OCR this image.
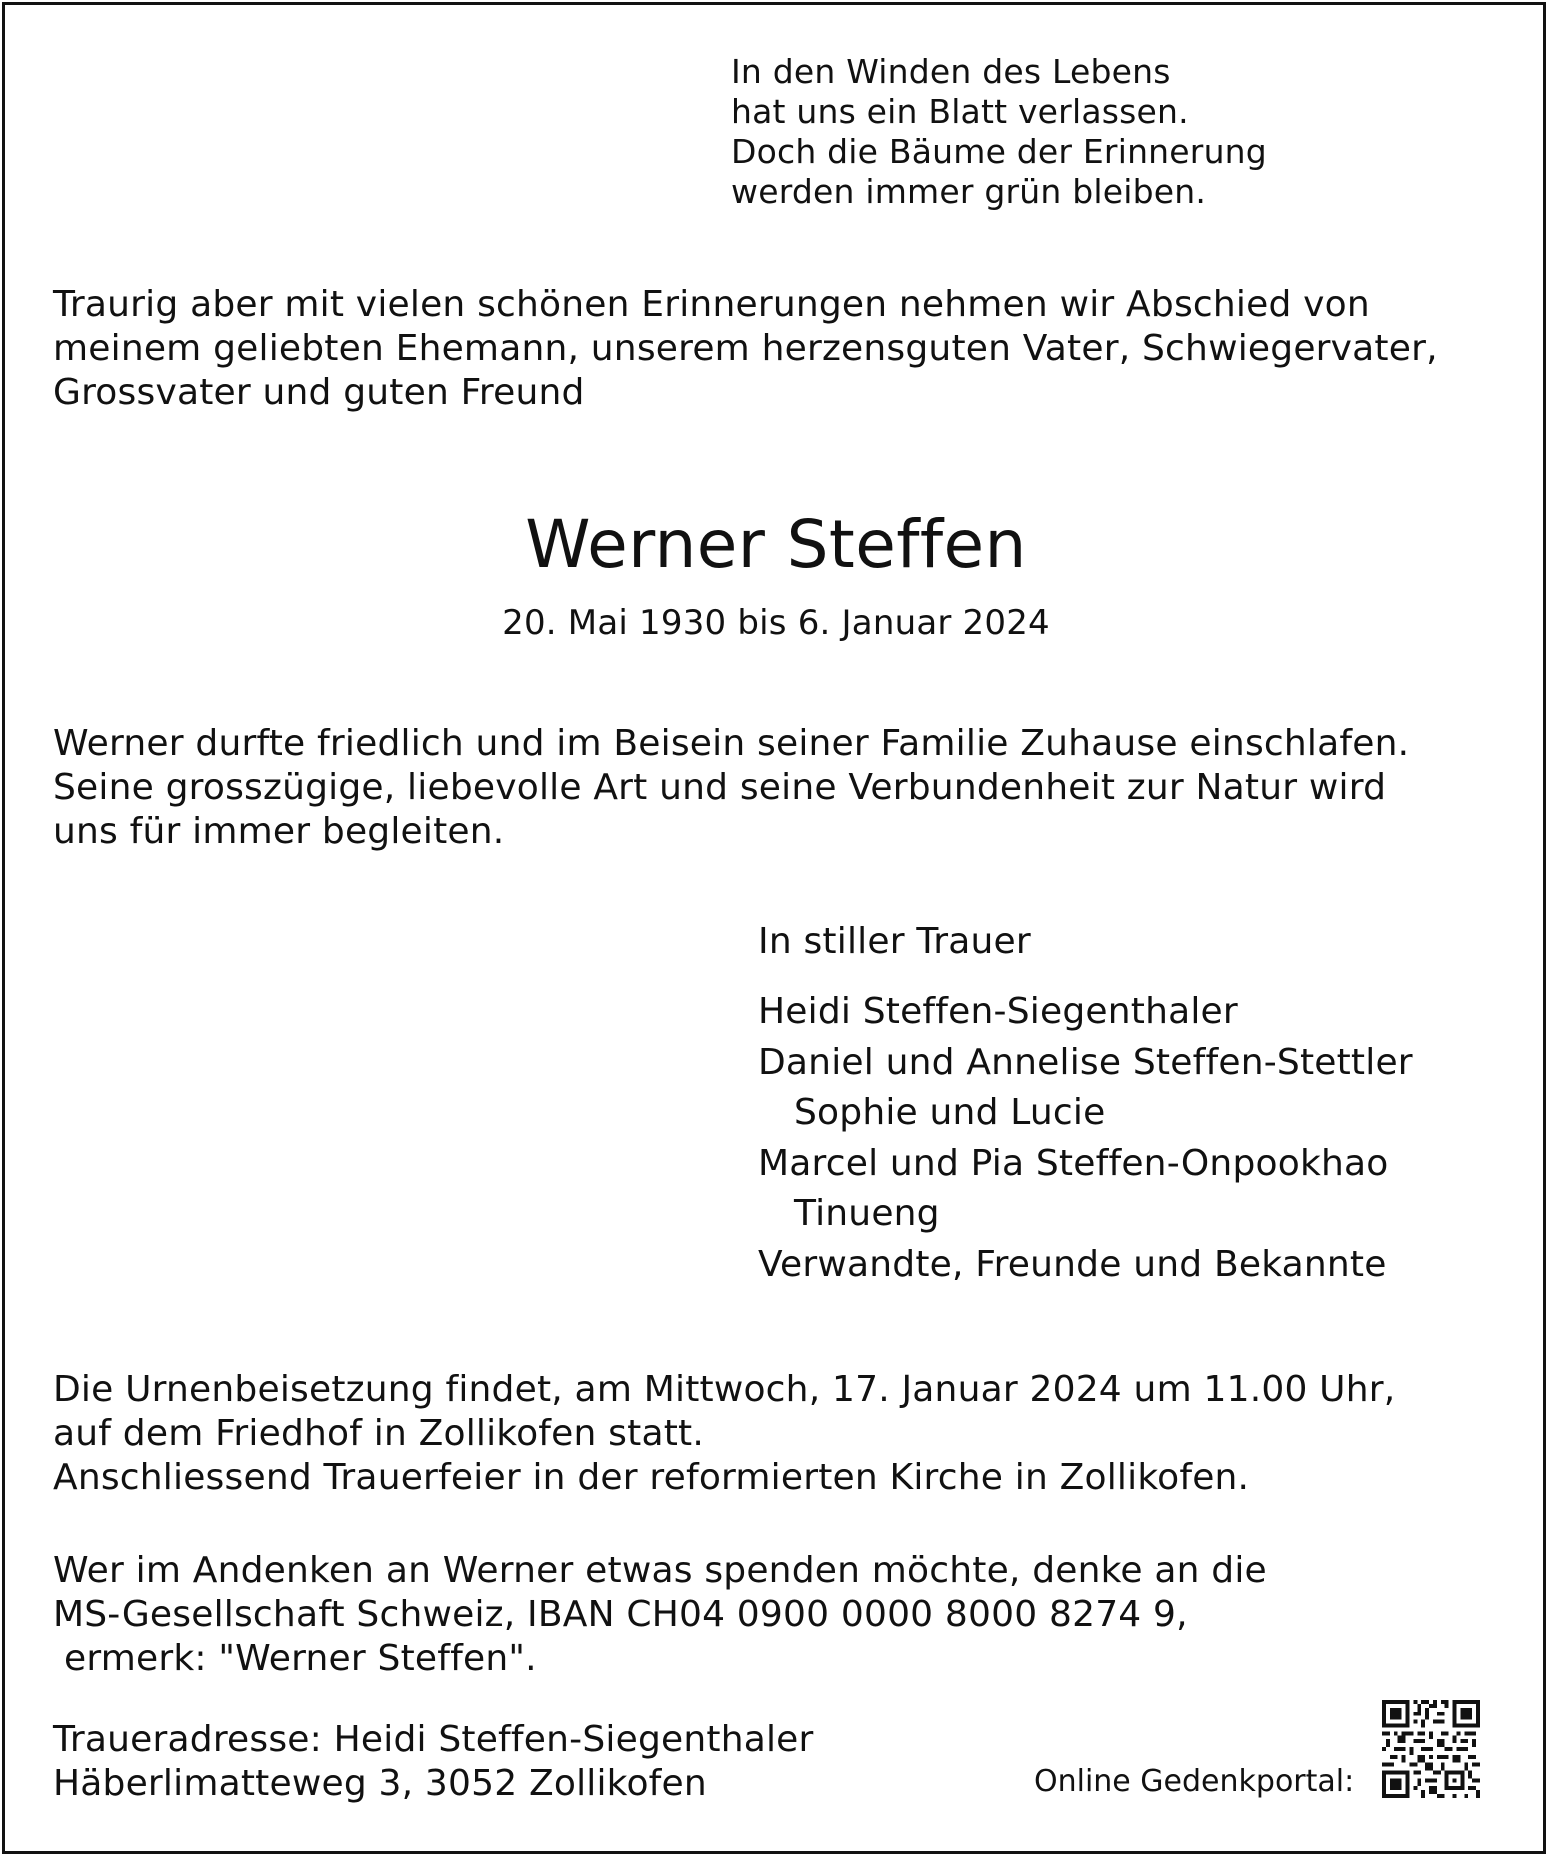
In den Winden des Lebens
hat uns ein Blatt verlassen.
Doch die Bäume der Erinnerung
werden immer grün bleiben.
Traurig aber mit vielen schönen Erinnerungen nehmen wir Abschied von
meinem geliebten Ehemann, unserem herzensguten Vater, Schwiegervater,
Grossvater und guten Freund
Werner Steffen
20. Mai 1930 bis 6. Januar 2024
Werner durfte friedlich und im Beisein seiner Familie Zuhause einschlafen.
Seine grosszügige, liebevolle Art und seine Verbundenheit zur Natur wird
uns für immer begleiten.
In stiller Trauer
Heidi Steffen-Siegenthaler
Daniel und Annelise Steffen-Stettler
Sophie und Lucie
Marcel und Pia Steffen-Onpookhao
Tinueng
Verwandte, Freunde und Bekannte
Die Urnenbeisetzung findet, am Mittwoch, 17. Januar 2024 um 11.00 Uhr,
auf dem Friedhof in Zollikofen statt.
Anschliessend Trauerfeier in der reformierten Kirche in Zollikofen.
Wer im Andenken an Werner etwas spenden möchte, denke an die
MS-Gesellschaft Schweiz, IBAN CH04 0900 0000 8000 8274 9,
ermerk: "Werner Steffen".
Traueradresse: Heidi Steffen-Siegenthaler
Häberlimatteweg 3, 3052 Zollikofen	Online Gedenkportal:
